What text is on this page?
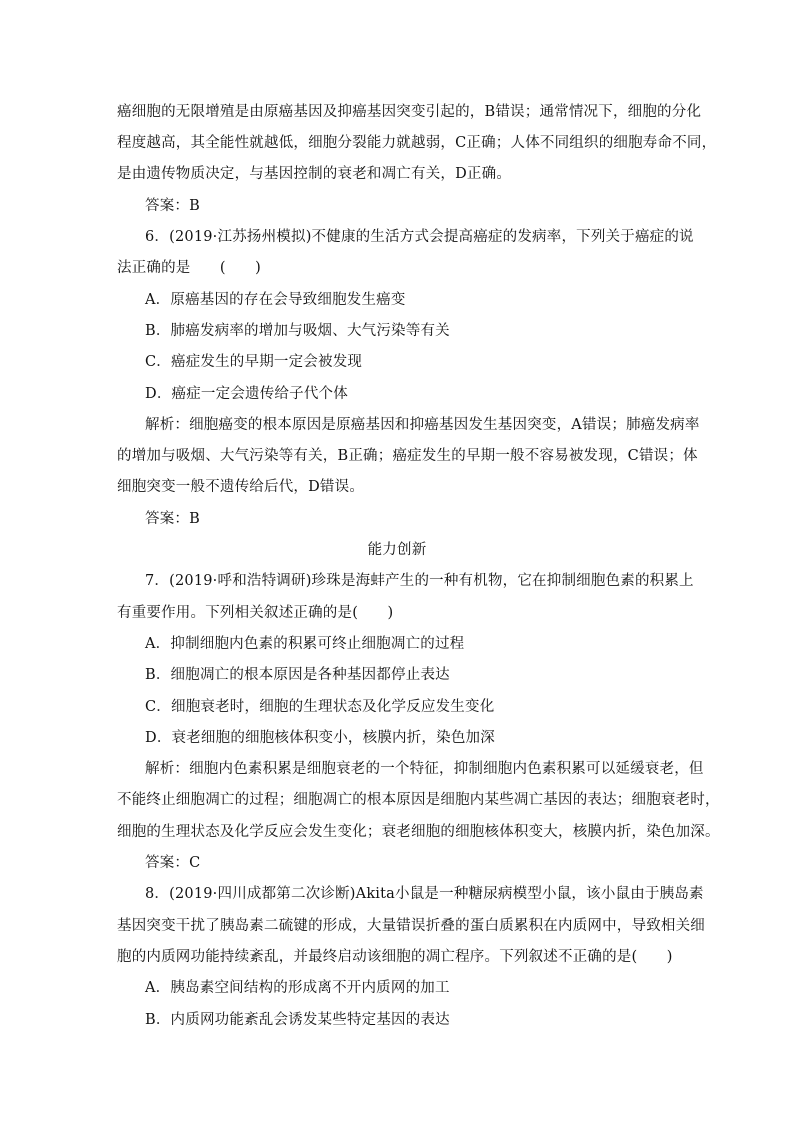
癌细胞的无限增殖是由原癌基因及抑癌基因突变引起的，B错误；通常情况下，细胞的分化
程度越高，其全能性就越低，细胞分裂能力就越弱，C正确；人体不同组织的细胞寿命不同，
是由遗传物质决定，与基因控制的衰老和凋亡有关，D正确。
答案：B
6．(2019·江苏扬州模拟)不健康的生活方式会提高癌症的发病率，下列关于癌症的说
法正确的是　　(　　)
A．原癌基因的存在会导致细胞发生癌变
B．肺癌发病率的增加与吸烟、大气污染等有关
C．癌症发生的早期一定会被发现
D．癌症一定会遗传给子代个体
解析：细胞癌变的根本原因是原癌基因和抑癌基因发生基因突变，A错误；肺癌发病率
的增加与吸烟、大气污染等有关，B正确；癌症发生的早期一般不容易被发现，C错误；体
细胞突变一般不遗传给后代，D错误。
答案：B
能力创新
7．(2019·呼和浩特调研)珍珠是海蚌产生的一种有机物，它在抑制细胞色素的积累上
有重要作用。下列相关叙述正确的是(　　)
A．抑制细胞内色素的积累可终止细胞凋亡的过程
B．细胞凋亡的根本原因是各种基因都停止表达
C．细胞衰老时，细胞的生理状态及化学反应发生变化
D．衰老细胞的细胞核体积变小，核膜内折，染色加深
解析：细胞内色素积累是细胞衰老的一个特征，抑制细胞内色素积累可以延缓衰老，但
不能终止细胞凋亡的过程；细胞凋亡的根本原因是细胞内某些凋亡基因的表达；细胞衰老时，
细胞的生理状态及化学反应会发生变化；衰老细胞的细胞核体积变大，核膜内折，染色加深。
答案：C
8．(2019·四川成都第二次诊断)Akita小鼠是一种糖尿病模型小鼠，该小鼠由于胰岛素
基因突变干扰了胰岛素二硫键的形成，大量错误折叠的蛋白质累积在内质网中，导致相关细
胞的内质网功能持续紊乱，并最终启动该细胞的凋亡程序。下列叙述不正确的是(　　)
A．胰岛素空间结构的形成离不开内质网的加工
B．内质网功能紊乱会诱发某些特定基因的表达
